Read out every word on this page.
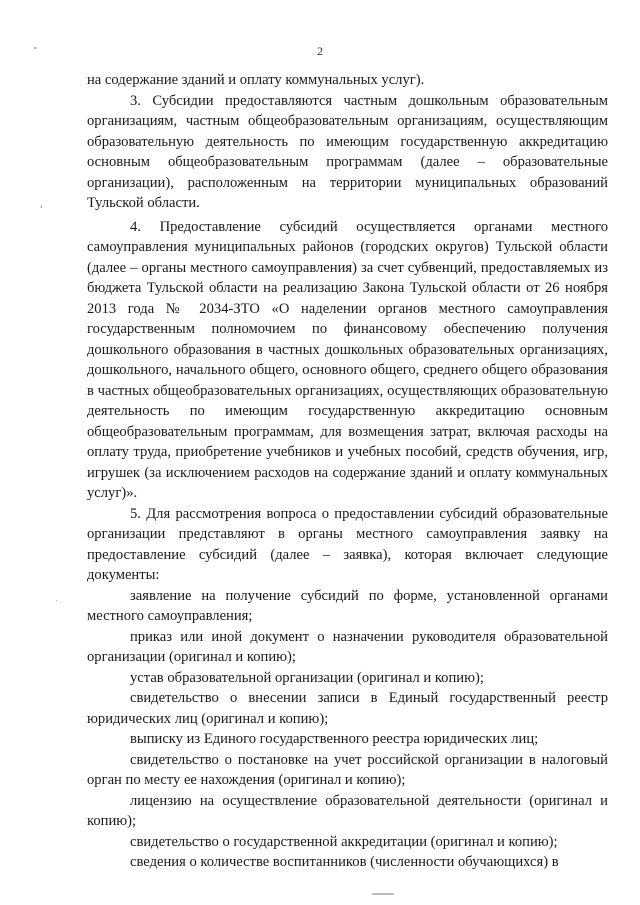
2

на содержание зданий и оплату коммунальных услуг).

3. Субсидии предоставляются частным дошкольным образовательным организациям, частным общеобразовательным организациям, осуществляющим образовательную деятельность по имеющим государственную аккредитацию основным общеобразовательным программам (далее – образовательные организации), расположенным на территории муниципальных образований Тульской области.

4. Предоставление субсидий осуществляется органами местного самоуправления муниципальных районов (городских округов) Тульской области (далее – органы местного самоуправления) за счет субвенций, предоставляемых из бюджета Тульской области на реализацию Закона Тульской области от 26 ноября 2013 года № 2034-ЗТО «О наделении органов местного самоуправления государственным полномочием по финансовому обеспечению получения дошкольного образования в частных дошкольных образовательных организациях, дошкольного, начального общего, основного общего, среднего общего образования в частных общеобразовательных организациях, осуществляющих образовательную деятельность по имеющим государственную аккредитацию основным общеобразовательным программам, для возмещения затрат, включая расходы на оплату труда, приобретение учебников и учебных пособий, средств обучения, игр, игрушек (за исключением расходов на содержание зданий и оплату коммунальных услуг)».

5. Для рассмотрения вопроса о предоставлении субсидий образовательные организации представляют в органы местного самоуправления заявку на предоставление субсидий (далее – заявка), которая включает следующие документы:

заявление на получение субсидий по форме, установленной органами местного самоуправления;

приказ или иной документ о назначении руководителя образовательной организации (оригинал и копию);

устав образовательной организации (оригинал и копию);

свидетельство о внесении записи в Единый государственный реестр юридических лиц (оригинал и копию);

выписку из Единого государственного реестра юридических лиц;

свидетельство о постановке на учет российской организации в налоговый орган по месту ее нахождения (оригинал и копию);

лицензию на осуществление образовательной деятельности (оригинал и копию);

свидетельство о государственной аккредитации (оригинал и копию);

сведения о количестве воспитанников (численности обучающихся) в
